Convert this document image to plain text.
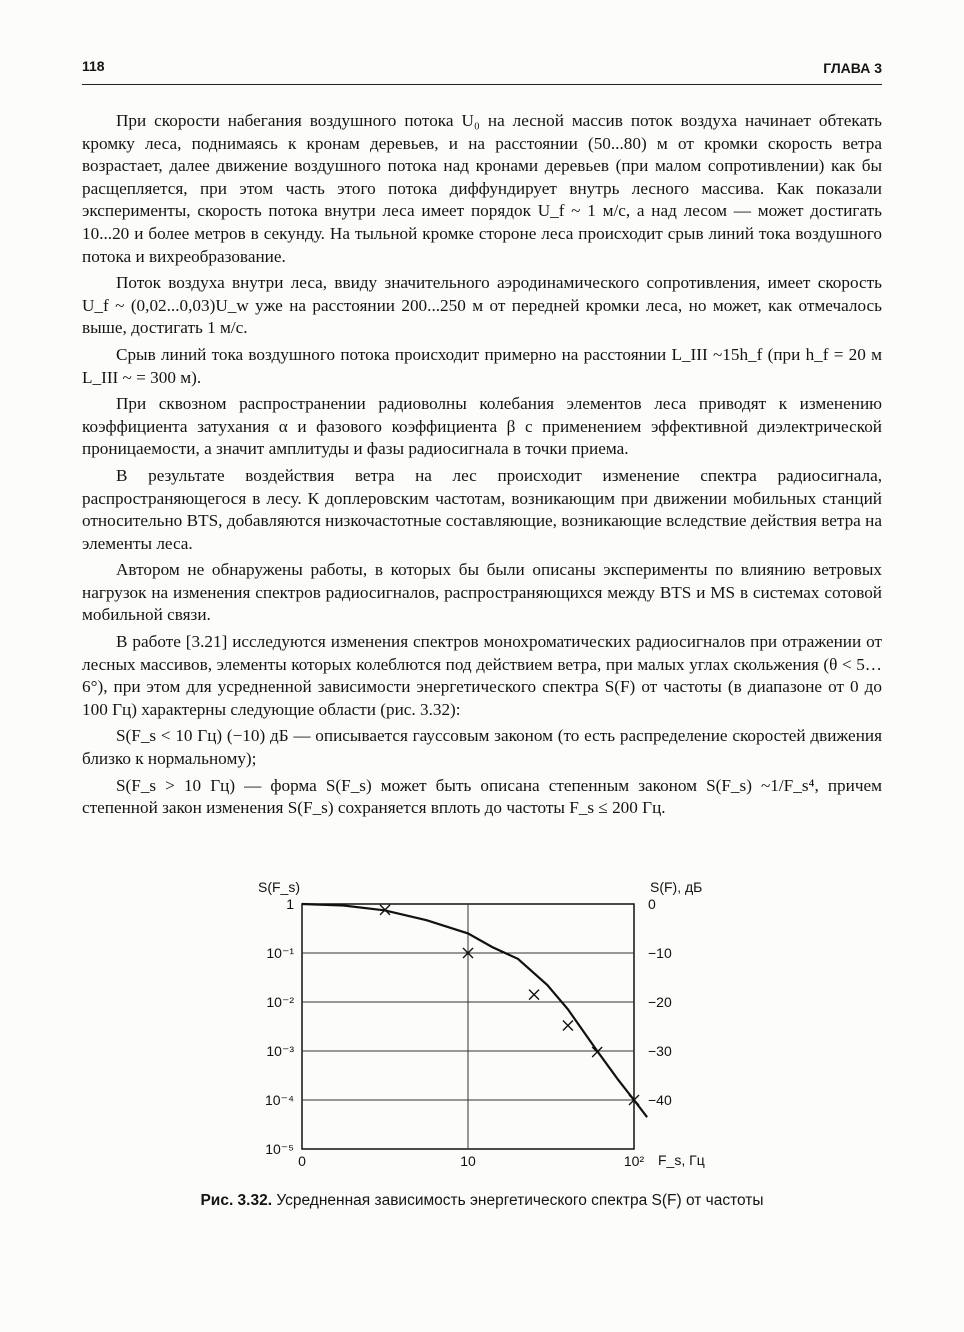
118	ГЛАВА 3

При скорости набегания воздушного потока U₀ на лесной массив поток воздуха начинает обтекать кромку леса, поднимаясь к кронам деревьев, и на расстоянии (50...80) м от кромки скорость ветра возрастает, далее движение воздушного потока над кронами деревьев (при малом сопротивлении) как бы расщепляется, при этом часть этого потока диффундирует внутрь лесного массива. Как показали эксперименты, скорость потока внутри леса имеет порядок U_f ~ 1 м/с, а над лесом — может достигать 10...20 и более метров в секунду. На тыльной кромке стороне леса происходит срыв линий тока воздушного потока и вихреобразование.

Поток воздуха внутри леса, ввиду значительного аэродинамического сопротивления, имеет скорость U_f ~ (0,02...0,03)U_w уже на расстоянии 200...250 м от передней кромки леса, но может, как отмечалось выше, достигать 1 м/с.

Срыв линий тока воздушного потока происходит примерно на расстоянии L_III ~15h_f (при h_f = 20 м L_III ~ = 300 м).

При сквозном распространении радиоволны колебания элементов леса приводят к изменению коэффициента затухания α и фазового коэффициента β с применением эффективной диэлектрической проницаемости, а значит амплитуды и фазы радиосигнала в точки приема.

В результате воздействия ветра на лес происходит изменение спектра радиосигнала, распространяющегося в лесу. К доплеровским частотам, возникающим при движении мобильных станций относительно BTS, добавляются низкочастотные составляющие, возникающие вследствие действия ветра на элементы леса.

Автором не обнаружены работы, в которых бы были описаны эксперименты по влиянию ветровых нагрузок на изменения спектров радиосигналов, распространяющихся между BTS и MS в системах сотовой мобильной связи.

В работе [3.21] исследуются изменения спектров монохроматических радиосигналов при отражении от лесных массивов, элементы которых колеблются под действием ветра, при малых углах скольжения (θ < 5…6°), при этом для усредненной зависимости энергетического спектра S(F) от частоты (в диапазоне от 0 до 100 Гц) характерны следующие области (рис. 3.32):

S(F_s < 10 Гц) (−10) дБ — описывается гауссовым законом (то есть распределение скоростей движения близко к нормальному);

S(F_s > 10 Гц) — форма S(F_s) может быть описана степенным законом S(F_s) ~1/F_s⁴, причем степенной закон изменения S(F_s) сохраняется вплоть до частоты F_s ≤ 200 Гц.

1
10⁻¹
10⁻²
10⁻³
10⁻⁴
10⁻⁵
0
−10
−20
−30
−40
0	10	10²
S(F_s)	S(F), дБ
F_s, Гц
Рис. 3.32. Усредненная зависимость энергетического спектра S(F) от частоты
